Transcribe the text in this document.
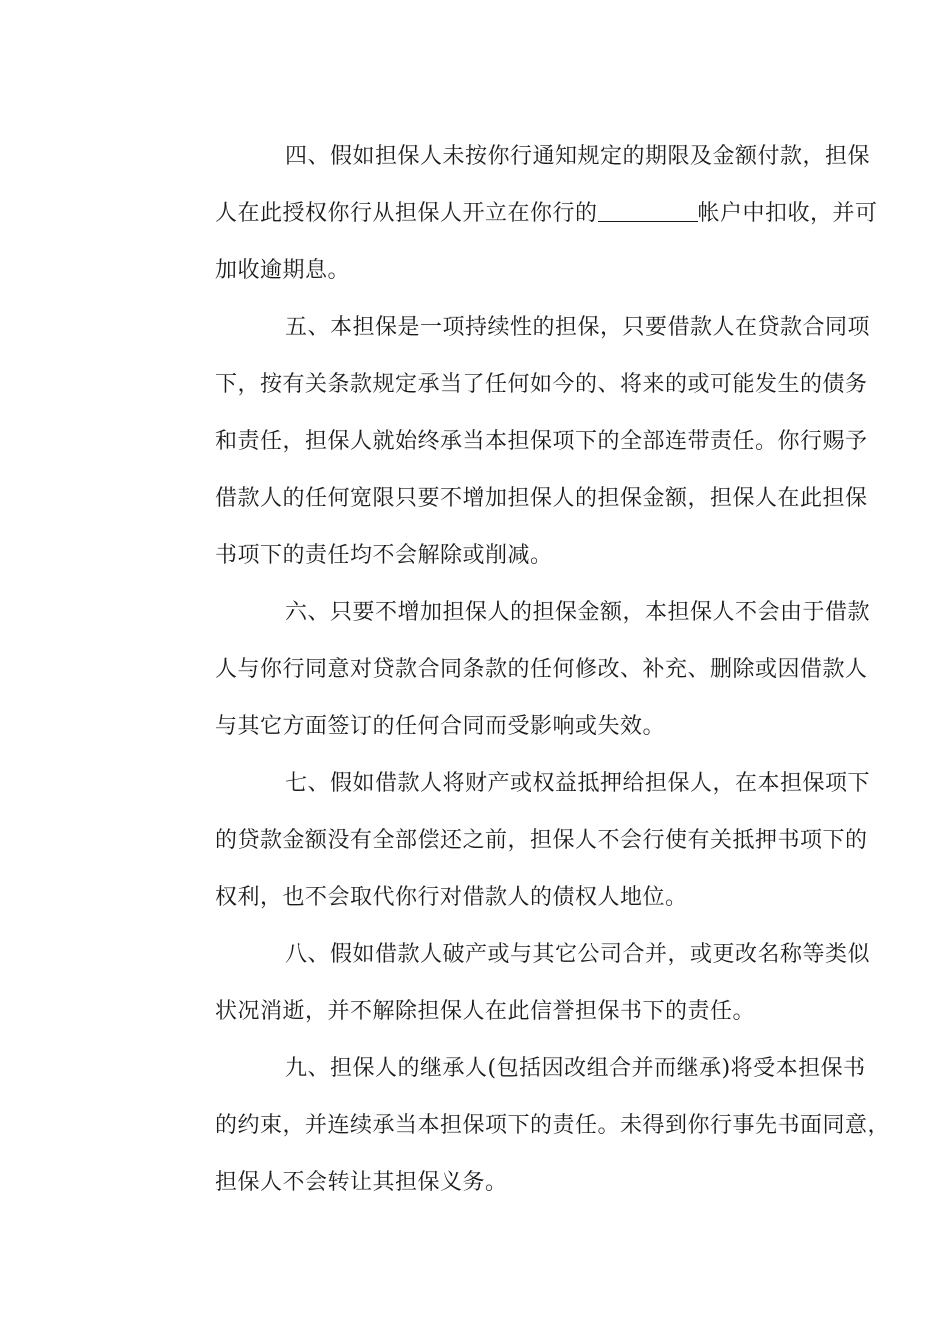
四、假如担保人未按你行通知规定的期限及金额付款，担保
人在此授权你行从担保人开立在你行的	帐户中扣收，并可
加收逾期息。
五、本担保是一项持续性的担保，只要借款人在贷款合同项
下，按有关条款规定承当了任何如今的、将来的或可能发生的债务
和责任，担保人就始终承当本担保项下的全部连带责任。你行赐予
借款人的任何宽限只要不增加担保人的担保金额，担保人在此担保
书项下的责任均不会解除或削减。
六、只要不增加担保人的担保金额，本担保人不会由于借款
人与你行同意对贷款合同条款的任何修改、补充、删除或因借款人
与其它方面签订的任何合同而受影响或失效。
七、假如借款人将财产或权益抵押给担保人，在本担保项下
的贷款金额没有全部偿还之前，担保人不会行使有关抵押书项下的
权利，也不会取代你行对借款人的债权人地位。
八、假如借款人破产或与其它公司合并，或更改名称等类似
状况消逝，并不解除担保人在此信誉担保书下的责任。
九、担保人的继承人(包括因改组合并而继承)将受本担保书
的约束，并连续承当本担保项下的责任。未得到你行事先书面同意，
担保人不会转让其担保义务。
